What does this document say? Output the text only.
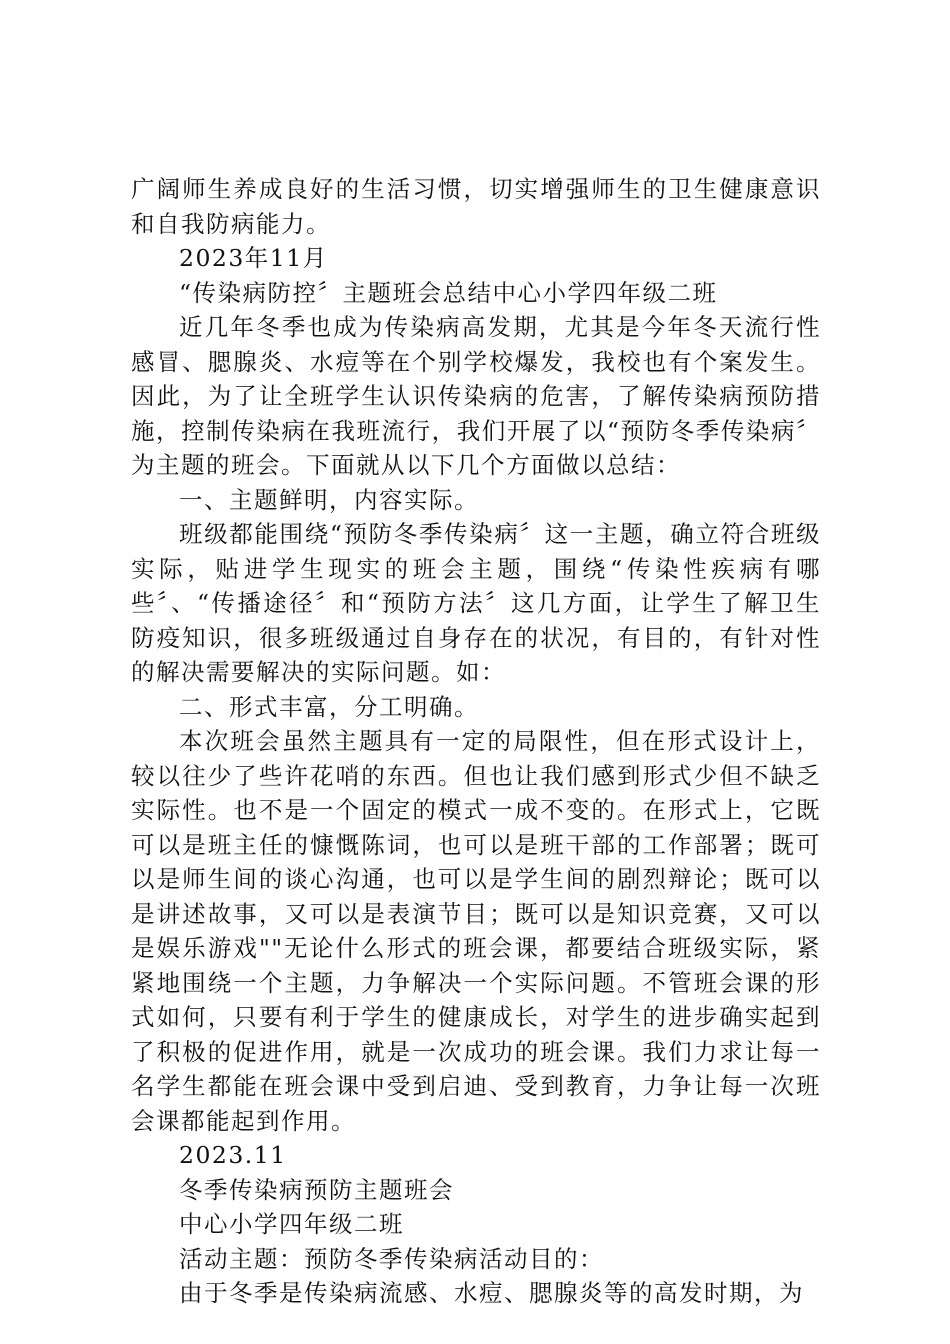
广阔师生养成良好的生活习惯，切实增强师生的卫生健康意识和自我防病能力。

2023年11月

“传染病防控〞主题班会总结中心小学四年级二班

近几年冬季也成为传染病高发期，尤其是今年冬天流行性感冒、腮腺炎、水痘等在个别学校爆发，我校也有个案发生。因此，为了让全班学生认识传染病的危害，了解传染病预防措施，控制传染病在我班流行，我们开展了以“预防冬季传染病〞为主题的班会。下面就从以下几个方面做以总结：

一、主题鲜明，内容实际。

班级都能围绕“预防冬季传染病〞这一主题，确立符合班级实际，贴进学生现实的班会主题，围绕“传染性疾病有哪些〞、“传播途径〞和“预防方法〞这几方面，让学生了解卫生防疫知识，很多班级通过自身存在的状况，有目的，有针对性的解决需要解决的实际问题。如：

二、形式丰富，分工明确。

本次班会虽然主题具有一定的局限性，但在形式设计上，较以往少了些许花哨的东西。但也让我们感到形式少但不缺乏实际性。也不是一个固定的模式一成不变的。在形式上，它既可以是班主任的慷慨陈词，也可以是班干部的工作部署；既可以是师生间的谈心沟通，也可以是学生间的剧烈辩论；既可以是讲述故事，又可以是表演节目；既可以是知识竞赛，又可以是娱乐游戏""无论什么形式的班会课，都要结合班级实际，紧紧地围绕一个主题，力争解决一个实际问题。不管班会课的形式如何，只要有利于学生的健康成长，对学生的进步确实起到了积极的促进作用，就是一次成功的班会课。我们力求让每一名学生都能在班会课中受到启迪、受到教育，力争让每一次班会课都能起到作用。

2023.11

冬季传染病预防主题班会

中心小学四年级二班

活动主题：预防冬季传染病活动目的：

由于冬季是传染病流感、水痘、腮腺炎等的高发时期，为
